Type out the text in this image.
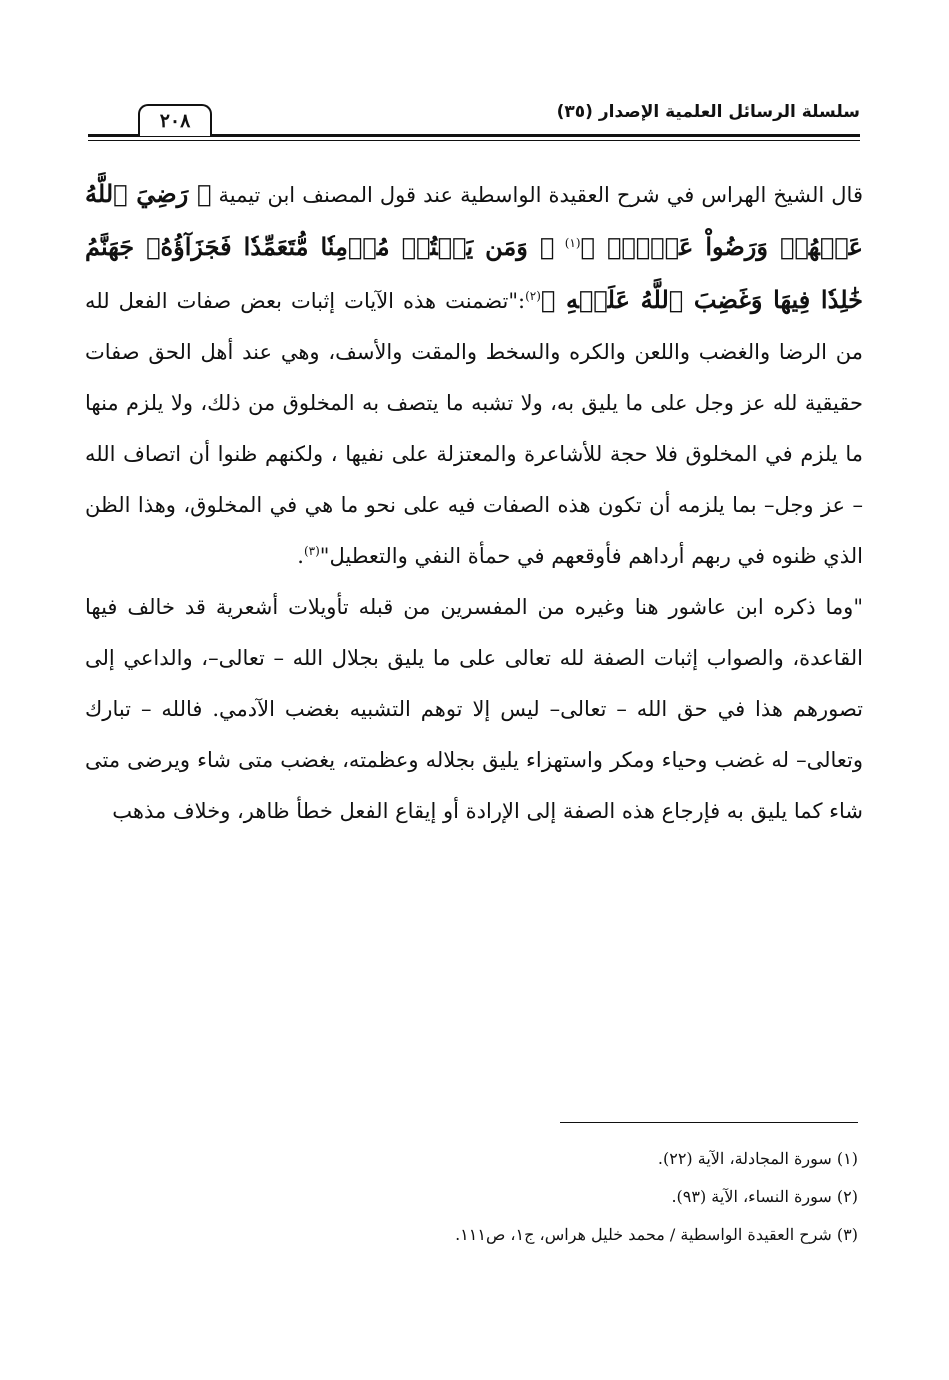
سلسلة الرسائل العلمية الإصدار (٣٥)
٢٠٨

قال الشيخ الهراس في شرح العقيدة الواسطية عند قول المصنف ابن تيمية ﴿ رَضِيَ ٱللَّهُ عَنۡهُمۡ وَرَضُواْ عَنۡهُۚ ﴾$^{(١)}$ ﴿ وَمَن يَقۡتُلۡ مُؤۡمِنٗا مُّتَعَمِّدٗا فَجَزَآؤُهُۥ جَهَنَّمُ خَٰلِدٗا فِيهَا وَغَضِبَ ٱللَّهُ عَلَيۡهِ ﴾$^{(٢)}$:"تضمنت هذه الآيات إثبات بعض صفات الفعل لله من الرضا والغضب واللعن والكره والسخط والمقت والأسف، وهي عند أهل الحق صفات حقيقية لله عز وجل على ما يليق به، ولا تشبه ما يتصف به المخلوق من ذلك، ولا يلزم منها ما يلزم في المخلوق فلا حجة للأشاعرة والمعتزلة على نفيها ، ولكنهم ظنوا أن اتصاف الله – عز وجل– بما يلزمه أن تكون هذه الصفات فيه على نحو ما هي في المخلوق، وهذا الظن الذي ظنوه في ربهم أرداهم فأوقعهم في حمأة النفي والتعطيل"$^{(٣)}$.

"وما ذكره ابن عاشور هنا وغيره من المفسرين من قبله تأويلات أشعرية قد خالف فيها القاعدة، والصواب إثبات الصفة لله تعالى على ما يليق بجلال الله – تعالى–، والداعي إلى تصورهم هذا في حق الله – تعالى– ليس إلا توهم التشبيه بغضب الآدمي. فالله – تبارك وتعالى– له غضب وحياء ومكر واستهزاء يليق بجلاله وعظمته، يغضب متى شاء ويرضى متى شاء كما يليق به فإرجاع هذه الصفة إلى الإرادة أو إيقاع الفعل خطأ ظاهر، وخلاف مذهب

(١) سورة المجادلة، الآية (٢٢).

(٢) سورة النساء، الآية (٩٣).

(٣) شرح العقيدة الواسطية / محمد خليل هراس، ج١، ص١١١.
